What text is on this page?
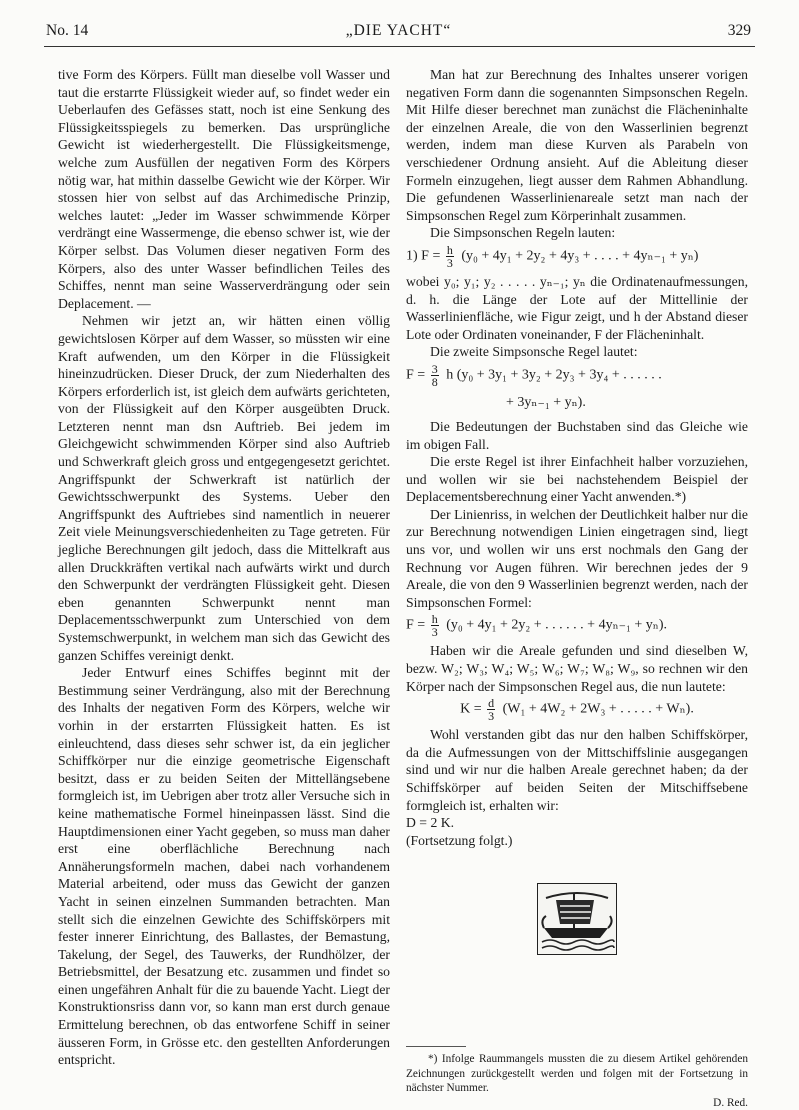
No. 14	„DIE YACHT“	329

tive Form des Körpers. Füllt man dieselbe voll Wasser und taut die erstarrte Flüssigkeit wieder auf, so findet weder ein Ueberlaufen des Gefässes statt, noch ist eine Senkung des Flüssigkeitsspiegels zu bemerken. Das ursprüngliche Gewicht ist wiederhergestellt. Die Flüssigkeitsmenge, welche zum Ausfüllen der negativen Form des Körpers nötig war, hat mithin dasselbe Gewicht wie der Körper. Wir stossen hier von selbst auf das Archimedische Prinzip, welches lautet: „Jeder im Wasser schwimmende Körper verdrängt eine Wassermenge, die ebenso schwer ist, wie der Körper selbst. Das Volumen dieser negativen Form des Körpers, also des unter Wasser befindlichen Teiles des Schiffes, nennt man seine Wasserverdrängung oder sein Deplacement. —

Nehmen wir jetzt an, wir hätten einen völlig gewichtslosen Körper auf dem Wasser, so müssten wir eine Kraft aufwenden, um den Körper in die Flüssigkeit hineinzudrücken. Dieser Druck, der zum Niederhalten des Körpers erforderlich ist, ist gleich dem aufwärts gerichteten, von der Flüssigkeit auf den Körper ausgeübten Druck. Letzteren nennt man dsn Auftrieb. Bei jedem im Gleichgewicht schwimmenden Körper sind also Auftrieb und Schwerkraft gleich gross und entgegengesetzt gerichtet. Angriffspunkt der Schwerkraft ist natürlich der Gewichtsschwerpunkt des Systems. Ueber den Angriffspunkt des Auftriebes sind namentlich in neuerer Zeit viele Meinungsverschiedenheiten zu Tage getreten. Für jegliche Berechnungen gilt jedoch, dass die Mittelkraft aus allen Druckkräften vertikal nach aufwärts wirkt und durch den Schwerpunkt der verdrängten Flüssigkeit geht. Diesen eben genannten Schwerpunkt nennt man Deplacementsschwerpunkt zum Unterschied von dem Systemschwerpunkt, in welchem man sich das Gewicht des ganzen Schiffes vereinigt denkt.

Jeder Entwurf eines Schiffes beginnt mit der Bestimmung seiner Verdrängung, also mit der Berechnung des Inhalts der negativen Form des Körpers, welche wir vorhin in der erstarrten Flüssigkeit hatten. Es ist einleuchtend, dass dieses sehr schwer ist, da ein jeglicher Schiffkörper nur die einzige geometrische Eigenschaft besitzt, dass er zu beiden Seiten der Mittellängsebene formgleich ist, im Uebrigen aber trotz aller Versuche sich in keine mathematische Formel hineinpassen lässt. Sind die Hauptdimensionen einer Yacht gegeben, so muss man daher erst eine oberflächliche Berechnung nach Annäherungsformeln machen, dabei nach vorhandenem Material arbeitend, oder muss das Gewicht der ganzen Yacht in seinen einzelnen Summanden betrachten. Man stellt sich die einzelnen Gewichte des Schiffskörpers mit fester innerer Einrichtung, des Ballastes, der Bemastung, Takelung, der Segel, des Tauwerks, der Rundhölzer, der Betriebsmittel, der Besatzung etc. zusammen und findet so einen ungefähren Anhalt für die zu bauende Yacht. Liegt der Konstruktionsriss dann vor, so kann man erst durch genaue Ermittelung berechnen, ob das entworfene Schiff in seiner äusseren Form, in Grösse etc. den gestellten Anforderungen entspricht.

Man hat zur Berechnung des Inhaltes unserer vorigen negativen Form dann die sogenannten Simpsonschen Regeln. Mit Hilfe dieser berechnet man zunächst die Flächeninhalte der einzelnen Areale, die von den Wasserlinien begrenzt werden, indem man diese Kurven als Parabeln von verschiedener Ordnung ansieht. Auf die Ableitung dieser Formeln einzugehen, liegt ausser dem Rahmen Abhandlung. Die gefundenen Wasserlinienareale setzt man nach der Simpsonschen Regel zum Körperinhalt zusammen.

Die Simpsonschen Regeln lauten:

1) $F = \frac{h}{3} (y_0 + 4y_1 + 2y_2 + 4y_3$ + . . . . + 4yₙ₋₁ + yₙ)

wobei y₀; y₁; y₂ . . . . . yₙ₋₁; yₙ die Ordinatenaufmessungen, d. h. die Länge der Lote auf der Mittellinie der Wasserlinienfläche, wie Figur zeigt, und h der Abstand dieser Lote oder Ordinaten voneinander, F der Flächeninhalt.

Die zweite Simpsonsche Regel lautet:

$F = \frac{3}{8}$ h (y₀ + 3y₁ + 3y₂ + 2y₃ + 3y₄ + . . . . . .
+ 3yₙ₋₁ + yₙ).

Die Bedeutungen der Buchstaben sind das Gleiche wie im obigen Fall.

Die erste Regel ist ihrer Einfachheit halber vorzuziehen, und wollen wir sie bei nachstehendem Beispiel der Deplacementsberechnung einer Yacht anwenden.*)

Der Linienriss, in welchen der Deutlichkeit halber nur die zur Berechnung notwendigen Linien eingetragen sind, liegt uns vor, und wollen wir uns erst nochmals den Gang der Rechnung vor Augen führen. Wir berechnen jedes der 9 Areale, die von den 9 Wasserlinien begrenzt werden, nach der Simpsonschen Formel:

$F = \frac{h}{3} (y_0 + 4y_1 + 2y_2$ + . . . . . . + 4yₙ₋₁ + yₙ).

Haben wir die Areale gefunden und sind dieselben W, bezw. W₂; W₃; W₄; W₅; W₆; W₇; W₈; W₉, so rechnen wir den Körper nach der Simpsonschen Regel aus, die nun lautete:

$K = \frac{d}{3} (W_1 + 4W_2 + 2W_3$ + . . . . . + Wₙ).

Wohl verstanden gibt das nur den halben Schiffskörper, da die Aufmessungen von der Mittschiffslinie ausgegangen sind und wir nur die halben Areale gerechnet haben; da der Schiffskörper auf beiden Seiten der Mitschiffsebene formgleich ist, erhalten wir:

D = 2 K.

(Fortsetzung folgt.)

*) Infolge Raummangels mussten die zu diesem Artikel gehörenden Zeichnungen zurückgestellt werden und folgen mit der Fortsetzung in nächster Nummer.

D. Red.
